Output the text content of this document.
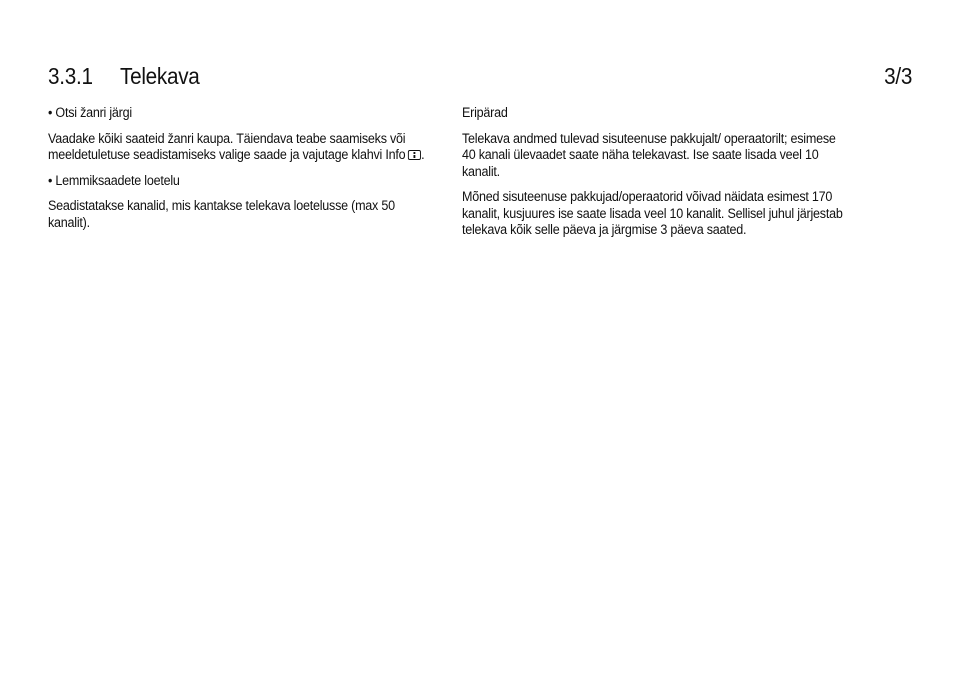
3.3.1 Telekava	3/3

• Otsi žanri järgi

Vaadake kõiki saateid žanri kaupa. Täiendava teabe saamiseks või meeldetuletuse seadistamiseks valige saade ja vajutage klahvi Info .

• Lemmiksaadete loetelu

Seadistatakse kanalid, mis kantakse telekava loetelusse (max 50 kanalit).

Eripärad

Telekava andmed tulevad sisuteenuse pakkujalt/ operaatorilt; esimese 40 kanali ülevaadet saate näha telekavast. Ise saate lisada veel 10 kanalit.

Mõned sisuteenuse pakkujad/operaatorid võivad näidata esimest 170 kanalit, kusjuures ise saate lisada veel 10 kanalit. Sellisel juhul järjestab telekava kõik selle päeva ja järgmise 3 päeva saated.
